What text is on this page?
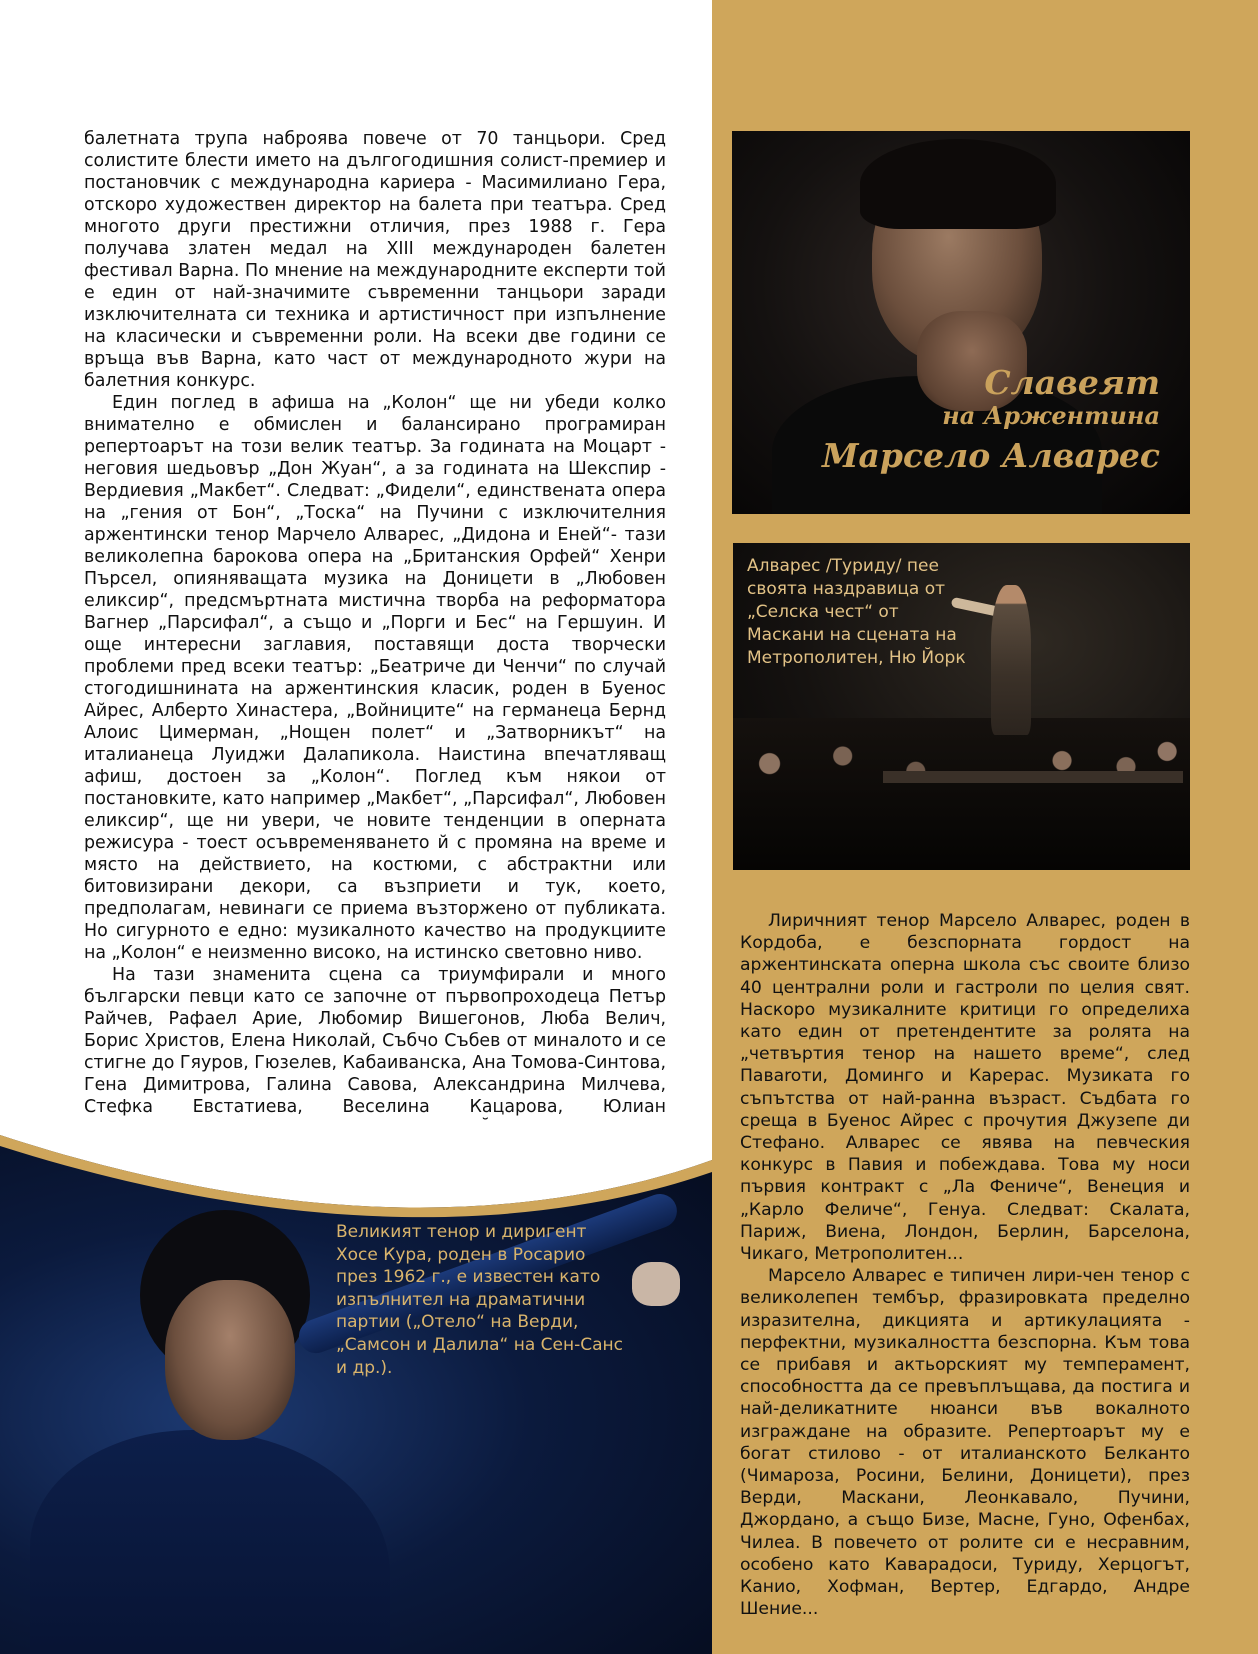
балетната трупа наброява повече от 70 танцьори. Сред солистите блести името на дългогодишния солист-премиер и постановчик с международна кариера - Масимилиано Гера, отскоро художествен директор на балета при театъра. Сред многото други престижни отличия, през 1988 г. Гера получава златен медал на XIII международен балетен фестивал Варна. По мнение на международните експерти той е един от най-значимите съвременни танцьори заради изключителната си техника и артистичност при изпълнение на класически и съвременни роли. На всеки две години се връща във Варна, като част от международното жури на балетния конкурс.

Един поглед в афиша на „Колон“ ще ни убеди колко внимателно е обмислен и балансирано програмиран репертоарът на този велик театър. За годината на Моцарт - неговия шедьовър „Дон Жуан“, а за годината на Шекспир - Вердиевия „Макбет“. Следват: „Фидели“, единствената опера на „гения от Бон“, „Тоска“ на Пучини с изключителния аржентински тенор Марчело Алварес, „Дидона и Еней“- тази великолепна барокова опера на „Британския Орфей“ Хенри Пърсел, опияняващата музика на Доницети в „Любовен еликсир“, предсмъртната мистична творба на реформатора Вагнер „Парсифал“, а също и „Порги и Бес“ на Гершуин. И още интересни заглавия, поставящи доста творчески проблеми пред всеки театър: „Беатриче ди Ченчи“ по случай стогодишнината на аржентинския класик, роден в Буенос Айрес, Алберто Хинастера, „Войниците“ на германеца Бернд Алоис Цимерман, „Нощен полет“ и „Затворникът“ на италианеца Луиджи Далапикола. Наистина впечатляващ афиш, достоен за „Колон“. Поглед към някои от постановките, като например „Макбет“, „Парсифал“, Любовен еликсир“, ще ни увери, че новите тенденции в оперната режисура - тоест осъвременяването й с промяна на време и място на действието, на костюми, с абстрактни или битовизирани декори, са възприети и тук, което, предполагам, невинаги се приема възторжено от публиката. Но сигурното е едно: музикалното качество на продукциите на „Колон“ е неизменно високо, на истинско световно ниво.

На тази знаменита сцена са триумфирали и много български певци като се започне от първопроходеца Петър Райчев, Рафаел Арие, Любомир Вишегонов, Люба Велич, Борис Христов, Елена Николай, Събчо Събев от миналото и се стигне до Гяуров, Гюзелев, Кабаиванска, Ана Томова-Синтова, Гена Димитрова, Галина Савова, Александрина Милчева, Стефка Евстатиева, Веселина Кацарова, Юлиан

Славеят
на Аржентина
Марсело Алварес
Алварес /Туриду/ пее своята наздравица от „Селска чест“ от Маскани на сцената на Метрополитен, Ню Йорк

Лиричният тенор Марсело Алварес, роден в Кордоба, е безспорната гордост на аржентинската оперна школа със своите близо 40 централни роли и гастроли по целия свят. Наскоро музикалните критици го определиха като един от претендентите за ролята на „четвъртия тенор на нашето време“, след Паваroти, Доминго и Карерас. Музиката го съпътства от най-ранна възраст. Съдбата го среща в Буенос Айрес с прочутия Джузепе ди Стефано. Алварес се явява на певческия конкурс в Павия и побеждава. Това му носи първия контракт с „Ла Фениче“, Венеция и „Карло Феличе“, Генуа. Следват: Скалата, Париж, Виена, Лондон, Берлин, Барселона, Чикаго, Метрополитен...

Марсело Алварес е типичен лири-чен тенор с великолепен тембър, фразировката пределно изразителна, дикцията и артикулацията - перфектни, музикалността безспорна. Към това се прибавя и актьорският му темперамент, способността да се превъплъщава, да постига и най-деликатните нюанси във вокалното изграждане на образите. Репертоарът му е богат стилово - от италианското Белканто (Чимароза, Росини, Белини, Доницети), през Верди, Маскани, Леонкавало, Пучини, Джордано, а също Бизе, Масне, Гуно, Офенбах, Чилеа. В повечето от ролите си е несравним, особено като Каварадоси, Туриду, Херцогът, Канио, Хофман, Вертер, Едгардо, Андре Шение...

Великият тенор и диригент Хосе Кура, роден в Росарио през 1962 г., е известен като изпълнител на драматични партии („Отело“ на Верди, „Самсон и Далила“ на Сен-Санс и др.).
